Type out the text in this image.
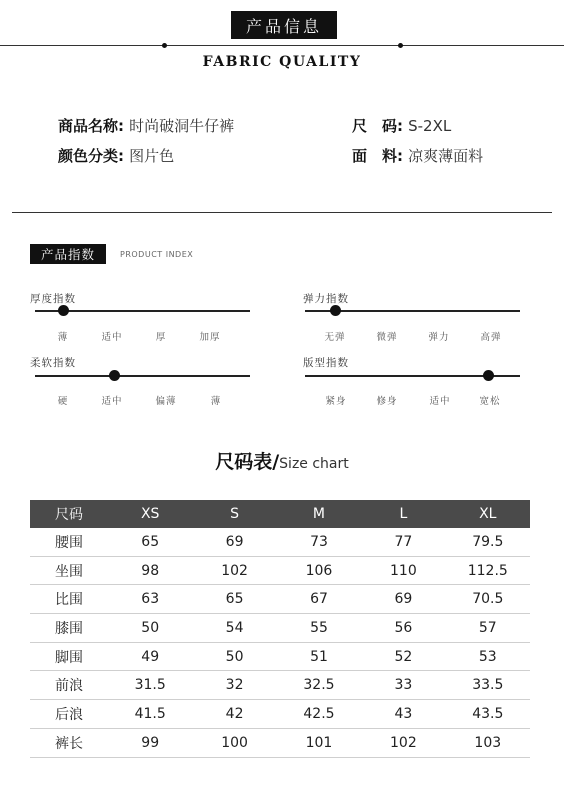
产品信息
FABRIC QUALITY
商品名称: 时尚破洞牛仔裤	尺　码: S-2XL
颜色分类: 图片色	面　料: 凉爽薄面料
产品指数	PRODUCT INDEX
厚度指数
薄	适中	厚	加厚
弹力指数
无弹	微弹	弹力	高弹
柔软指数
硬	适中	偏薄	薄
版型指数
紧身	修身	适中	宽松
尺码表/Size chart
尺码	XS	S	M	L	XL
腰围	65	69	73	77	79.5
坐围	98	102	106	110	112.5
比围	63	65	67	69	70.5
膝围	50	54	55	56	57
脚围	49	50	51	52	53
前浪	31.5	32	32.5	33	33.5
后浪	41.5	42	42.5	43	43.5
裤长	99	100	101	102	103
